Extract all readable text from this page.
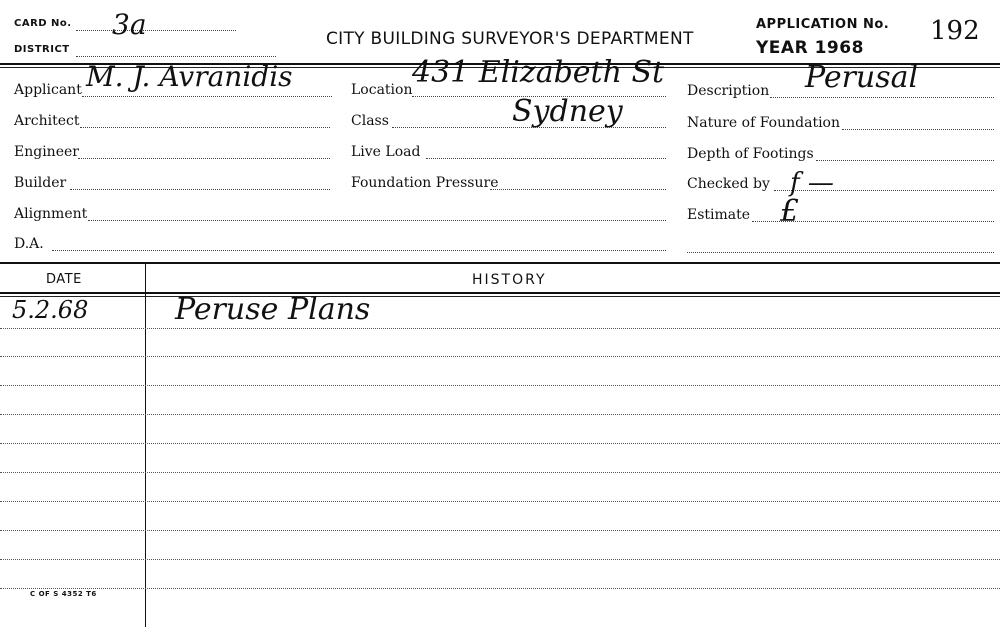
CARD No. 3a
DISTRICT
CITY BUILDING SURVEYOR'S DEPARTMENT
APPLICATION No.
YEAR 1968
192
Applicant M. J. Avranidis
Architect
Engineer
Builder
Alignment
D.A.
Location 431 Elizabeth St
Sydney
Class
Live Load
Foundation Pressure
Description Perusal
Nature of Foundation
Depth of Footings
Checked by f —
Estimate £
DATE	HISTORY
5.2.68	Peruse Plans
C OF S 4352 T6
